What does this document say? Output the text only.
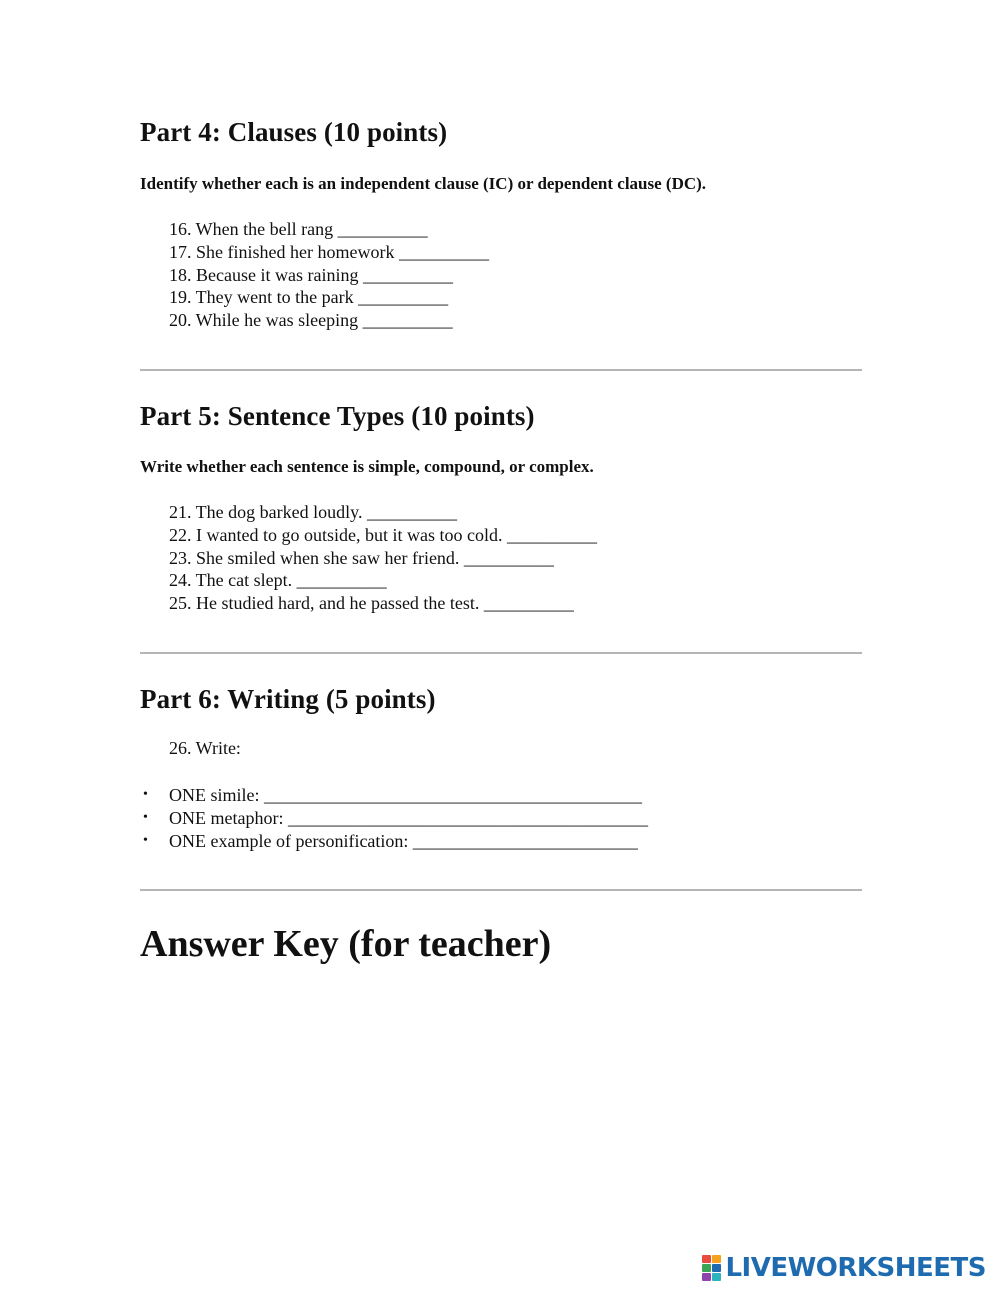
Part 4: Clauses (10 points)

Identify whether each is an independent clause (IC) or dependent clause (DC).

16. When the bell rang __________
17. She finished her homework __________
18. Because it was raining __________
19. They went to the park __________
20. While he was sleeping __________
Part 5: Sentence Types (10 points)

Write whether each sentence is simple, compound, or complex.

21. The dog barked loudly. __________
22. I wanted to go outside, but it was too cold. __________
23. She smiled when she saw her friend. __________
24. The cat slept. __________
25. He studied hard, and he passed the test. __________
Part 6: Writing (5 points)

26. Write:

•	ONE simile: __________________________________________
•	ONE metaphor: ________________________________________
•	ONE example of personification: _________________________
Answer Key (for teacher)
LIVEWORKSHEETS
